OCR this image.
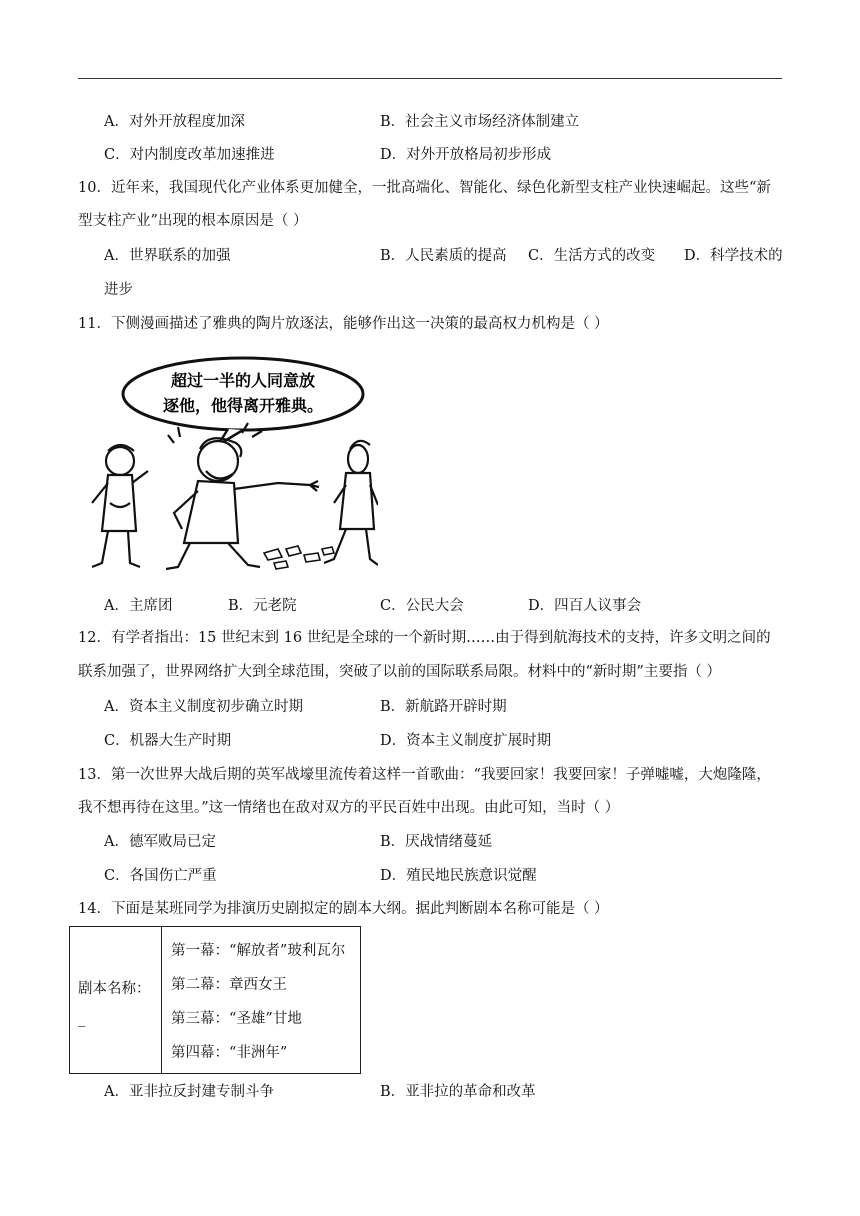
A．对外开放程度加深	B．社会主义市场经济体制建立
C．对内制度改革加速推进	D．对外开放格局初步形成
10．近年来，我国现代化产业体系更加健全，一批高端化、智能化、绿色化新型支柱产业快速崛起。这些“新
型支柱产业”出现的根本原因是（ ）
A．世界联系的加强	B．人民素质的提高 C．生活方式的改变 D．科学技术的
进步
11．下侧漫画描述了雅典的陶片放逐法，能够作出这一决策的最高权力机构是（ ）
超过一半的人同意放
逐他，他得离开雅典。
A．主席团	B．元老院	C．公民大会	D．四百人议事会
12．有学者指出：15 世纪末到 16 世纪是全球的一个新时期……由于得到航海技术的支持，许多文明之间的
联系加强了，世界网络扩大到全球范围，突破了以前的国际联系局限。材料中的“新时期”主要指（ ）
A．资本主义制度初步确立时期	B．新航路开辟时期
C．机器大生产时期	D．资本主义制度扩展时期
13．第一次世界大战后期的英军战壕里流传着这样一首歌曲：“我要回家！我要回家！子弹嘘嘘，大炮隆隆，
我不想再待在这里。”这一情绪也在敌对双方的平民百姓中出现。由此可知，当时（ ）
A．德军败局已定	B．厌战情绪蔓延
C．各国伤亡严重	D．殖民地民族意识觉醒
14．下面是某班同学为排演历史剧拟定的剧本大纲。据此判断剧本名称可能是（ ）
剧本名称：
_

第一幕：“解放者”玻利瓦尔
第二幕：章西女王
第三幕：“圣雄”甘地
第四幕：“非洲年”
A．亚非拉反封建专制斗争	B．亚非拉的革命和改革
